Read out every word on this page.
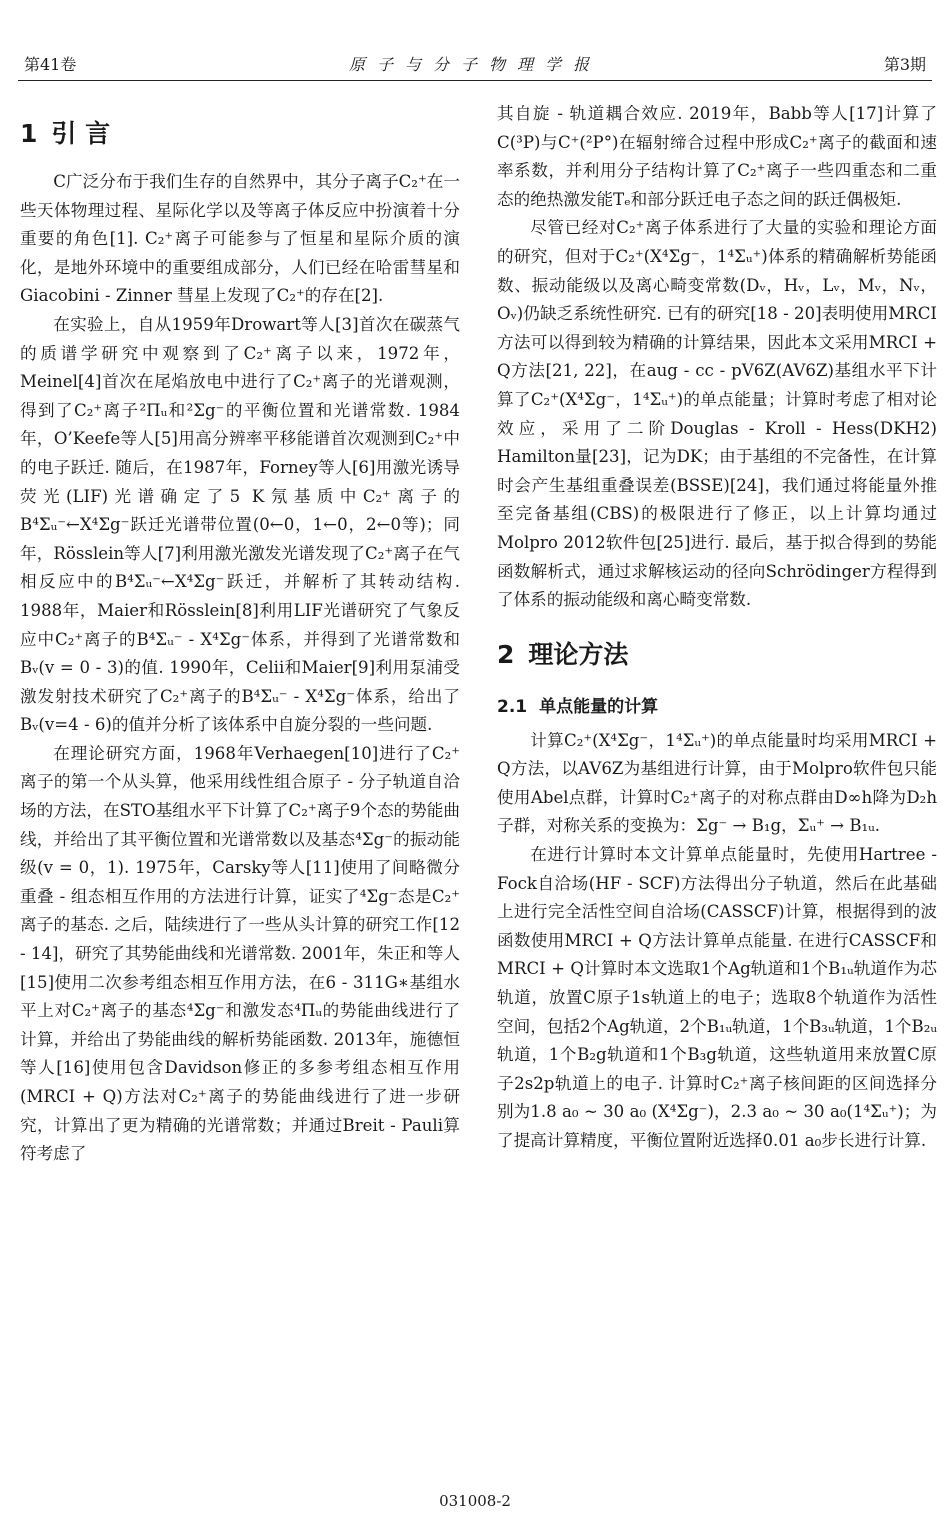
第41卷	原子与分子物理学报	第3期
1 引 言

C广泛分布于我们生存的自然界中，其分子离子C₂⁺在一些天体物理过程、星际化学以及等离子体反应中扮演着十分重要的角色[1]. C₂⁺离子可能参与了恒星和星际介质的演化，是地外环境中的重要组成部分，人们已经在哈雷彗星和Giacobini - Zinner 彗星上发现了C₂⁺的存在[2].

在实验上，自从1959年Drowart等人[3]首次在碳蒸气的质谱学研究中观察到了C₂⁺离子以来，1972年，Meinel[4]首次在尾焰放电中进行了C₂⁺离子的光谱观测，得到了C₂⁺离子²Πᵤ和²Σg⁻的平衡位置和光谱常数. 1984年，O’Keefe等人[5]用高分辨率平移能谱首次观测到C₂⁺中的电子跃迁. 随后，在1987年，Forney等人[6]用激光诱导荧光(LIF)光谱确定了5 K氖基质中C₂⁺离子的B⁴Σᵤ⁻←X⁴Σg⁻跃迁光谱带位置(0←0，1←0，2←0等)；同年，Rösslein等人[7]利用激光激发光谱发现了C₂⁺离子在气相反应中的B⁴Σᵤ⁻←X⁴Σg⁻跃迁，并解析了其转动结构. 1988年，Maier和Rösslein[8]利用LIF光谱研究了气象反应中C₂⁺离子的B⁴Σᵤ⁻ - X⁴Σg⁻体系，并得到了光谱常数和Bᵥ(v = 0 - 3)的值. 1990年，Celii和Maier[9]利用泵浦受激发射技术研究了C₂⁺离子的B⁴Σᵤ⁻ - X⁴Σg⁻体系，给出了Bᵥ(v=4 - 6)的值并分析了该体系中自旋分裂的一些问题.

在理论研究方面，1968年Verhaegen[10]进行了C₂⁺离子的第一个从头算，他采用线性组合原子 - 分子轨道自洽场的方法，在STO基组水平下计算了C₂⁺离子9个态的势能曲线，并给出了其平衡位置和光谱常数以及基态⁴Σg⁻的振动能级(v = 0，1). 1975年，Carsky等人[11]使用了间略微分重叠 - 组态相互作用的方法进行计算，证实了⁴Σg⁻态是C₂⁺离子的基态. 之后，陆续进行了一些从头计算的研究工作[12 - 14]，研究了其势能曲线和光谱常数. 2001年，朱正和等人[15]使用二次参考组态相互作用方法，在6 - 311G∗基组水平上对C₂⁺离子的基态⁴Σg⁻和激发态⁴Πᵤ的势能曲线进行了计算，并给出了势能曲线的解析势能函数. 2013年，施德恒等人[16]使用包含Davidson修正的多参考组态相互作用(MRCI + Q)方法对C₂⁺离子的势能曲线进行了进一步研究，计算出了更为精确的光谱常数；并通过Breit - Pauli算符考虑了

其自旋 - 轨道耦合效应. 2019年，Babb等人[17]计算了C(³P)与C⁺(²P°)在辐射缔合过程中形成C₂⁺离子的截面和速率系数，并利用分子结构计算了C₂⁺离子一些四重态和二重态的绝热激发能Tₑ和部分跃迁电子态之间的跃迁偶极矩.

尽管已经对C₂⁺离子体系进行了大量的实验和理论方面的研究，但对于C₂⁺(X⁴Σg⁻，1⁴Σᵤ⁺)体系的精确解析势能函数、振动能级以及离心畸变常数(Dᵥ，Hᵥ，Lᵥ，Mᵥ，Nᵥ，Oᵥ)仍缺乏系统性研究. 已有的研究[18 - 20]表明使用MRCI方法可以得到较为精确的计算结果，因此本文采用MRCI + Q方法[21, 22]，在aug - cc - pV6Z(AV6Z)基组水平下计算了C₂⁺(X⁴Σg⁻，1⁴Σᵤ⁺)的单点能量；计算时考虑了相对论效应，采用了二阶Douglas - Kroll - Hess(DKH2) Hamilton量[23]，记为DK；由于基组的不完备性，在计算时会产生基组重叠误差(BSSE)[24]，我们通过将能量外推至完备基组(CBS)的极限进行了修正，以上计算均通过Molpro 2012软件包[25]进行. 最后，基于拟合得到的势能函数解析式，通过求解核运动的径向Schrödinger方程得到了体系的振动能级和离心畸变常数.

2 理论方法
2.1 单点能量的计算

计算C₂⁺(X⁴Σg⁻，1⁴Σᵤ⁺)的单点能量时均采用MRCI + Q方法，以AV6Z为基组进行计算，由于Molpro软件包只能使用Abel点群，计算时C₂⁺离子的对称点群由D∞h降为D₂h子群，对称关系的变换为：Σg⁻ → B₁g，Σᵤ⁺ → B₁ᵤ.

在进行计算时本文计算单点能量时，先使用Hartree - Fock自洽场(HF - SCF)方法得出分子轨道，然后在此基础上进行完全活性空间自洽场(CASSCF)计算，根据得到的波函数使用MRCI + Q方法计算单点能量. 在进行CASSCF和MRCI + Q计算时本文选取1个Ag轨道和1个B₁ᵤ轨道作为芯轨道，放置C原子1s轨道上的电子；选取8个轨道作为活性空间，包括2个Ag轨道，2个B₁ᵤ轨道，1个B₃ᵤ轨道，1个B₂ᵤ轨道，1个B₂g轨道和1个B₃g轨道，这些轨道用来放置C原子2s2p轨道上的电子. 计算时C₂⁺离子核间距的区间选择分别为1.8 a₀ ~ 30 a₀ (X⁴Σg⁻)，2.3 a₀ ~ 30 a₀(1⁴Σᵤ⁺)；为了提高计算精度，平衡位置附近选择0.01 a₀步长进行计算.

031008-2
